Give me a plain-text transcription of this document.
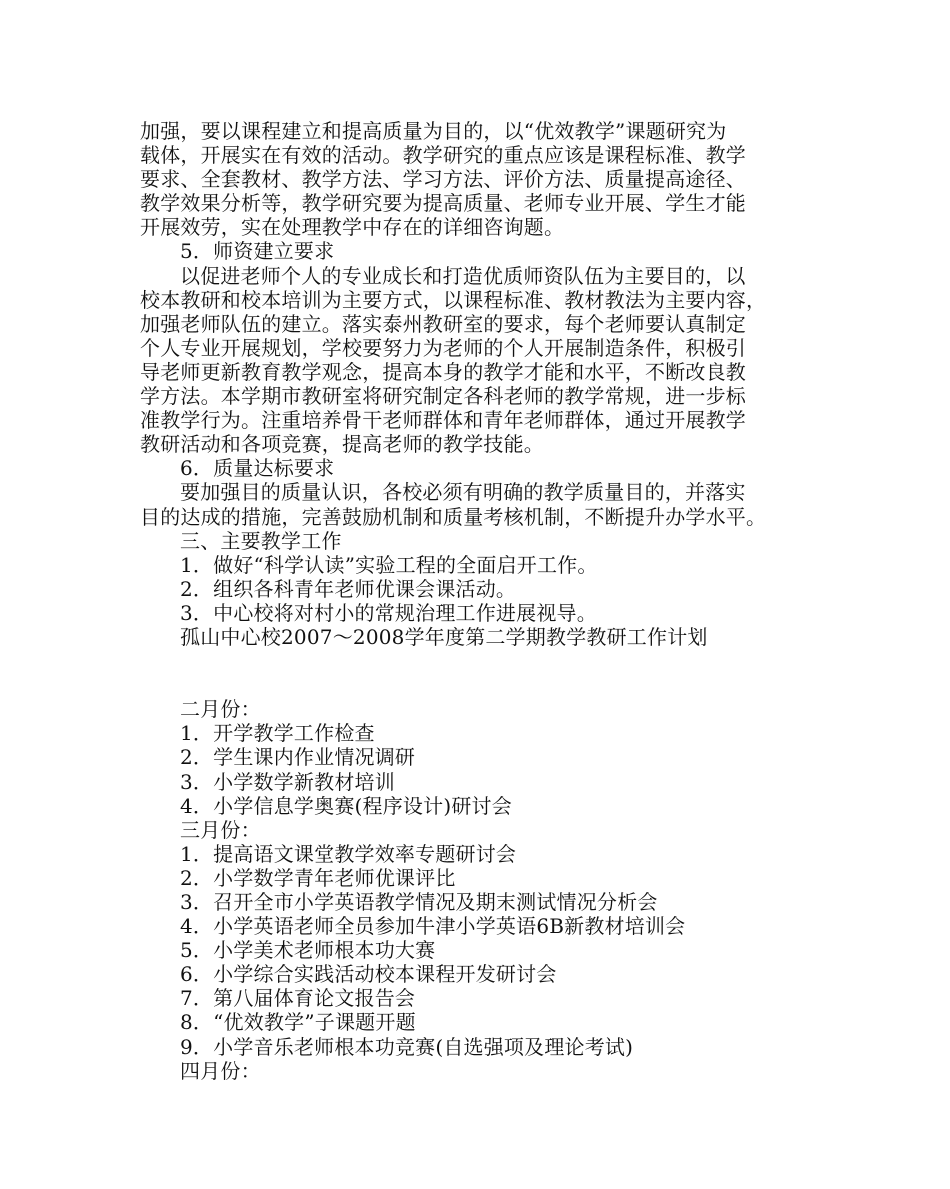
加强，要以课程建立和提高质量为目的，以“优效教学”课题研究为
载体，开展实在有效的活动。教学研究的重点应该是课程标准、教学
要求、全套教材、教学方法、学习方法、评价方法、质量提高途径、
教学效果分析等，教学研究要为提高质量、老师专业开展、学生才能
开展效劳，实在处理教学中存在的详细咨询题。
5．师资建立要求
以促进老师个人的专业成长和打造优质师资队伍为主要目的，以
校本教研和校本培训为主要方式，以课程标准、教材教法为主要内容，
加强老师队伍的建立。落实泰州教研室的要求，每个老师要认真制定
个人专业开展规划，学校要努力为老师的个人开展制造条件，积极引
导老师更新教育教学观念，提高本身的教学才能和水平，不断改良教
学方法。本学期市教研室将研究制定各科老师的教学常规，进一步标
准教学行为。注重培养骨干老师群体和青年老师群体，通过开展教学
教研活动和各项竞赛，提高老师的教学技能。
6．质量达标要求
要加强目的质量认识，各校必须有明确的教学质量目的，并落实
目的达成的措施，完善鼓励机制和质量考核机制，不断提升办学水平。
三、主要教学工作
1．做好“科学认读”实验工程的全面启开工作。
2．组织各科青年老师优课会课活动。
3．中心校将对村小的常规治理工作进展视导。
孤山中心校2007～2008学年度第二学期教学教研工作计划
二月份：
1．开学教学工作检查
2．学生课内作业情况调研
3．小学数学新教材培训
4．小学信息学奥赛(程序设计)研讨会
三月份：
1．提高语文课堂教学效率专题研讨会
2．小学数学青年老师优课评比
3．召开全市小学英语教学情况及期末测试情况分析会
4．小学英语老师全员参加牛津小学英语6B新教材培训会
5．小学美术老师根本功大赛
6．小学综合实践活动校本课程开发研讨会
7．第八届体育论文报告会
8．“优效教学”子课题开题
9．小学音乐老师根本功竞赛(自选强项及理论考试)
四月份：
